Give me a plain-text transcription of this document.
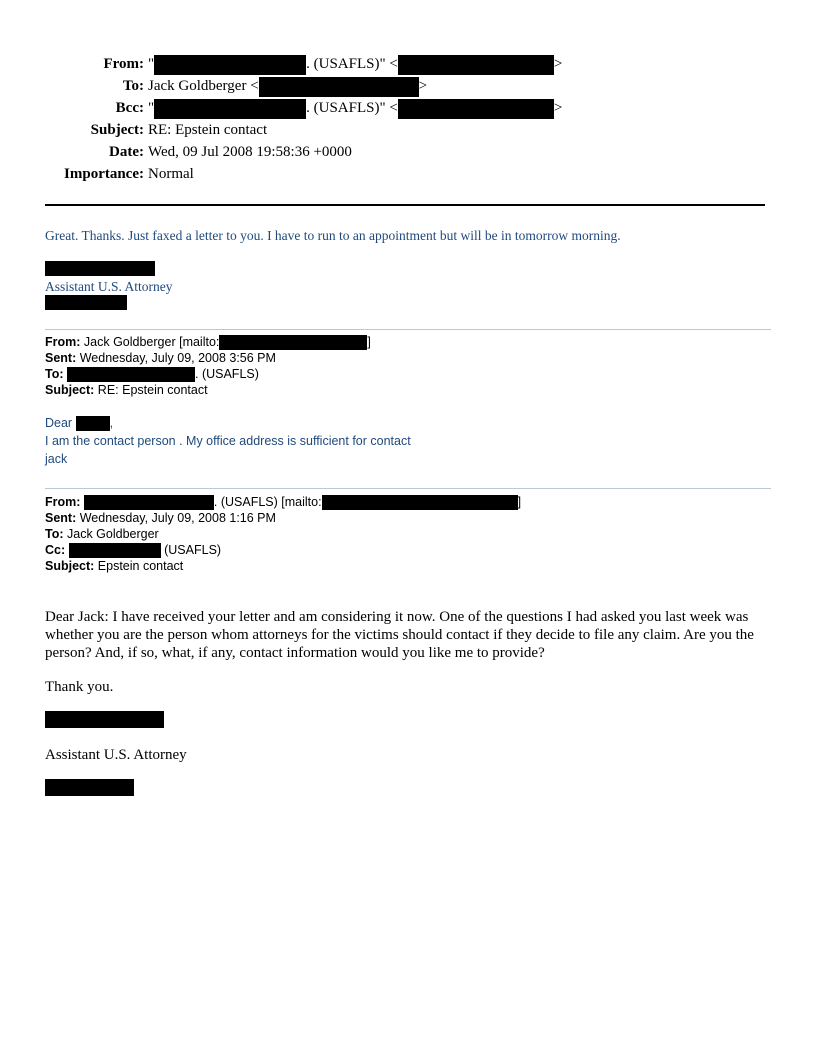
From: "	. (USAFLS)" <	>
To: Jack Goldberger <	>
Bcc: "	. (USAFLS)" <	>
Subject: RE: Epstein contact
Date: Wed, 09 Jul 2008 19:58:36 +0000
Importance: Normal
Great. Thanks. Just faxed a letter to you. I have to run to an appointment but will be in tomorrow morning.
Assistant U.S. Attorney
From: Jack Goldberger [mailto:	]
Sent: Wednesday, July 09, 2008 3:56 PM
To:	. (USAFLS)
Subject: RE: Epstein contact
Dear	,
I am the contact person . My office address is sufficient for contact
jack
From:	. (USAFLS) [mailto:	]
Sent: Wednesday, July 09, 2008 1:16 PM
To: Jack Goldberger
Cc:	(USAFLS)
Subject: Epstein contact
Dear Jack: I have received your letter and am considering it now. One of the questions I had asked you last week was whether you are the person whom attorneys for the victims should contact if they decide to file any claim. Are you the person? And, if so, what, if any, contact information would you like me to provide?
Thank you.
Assistant U.S. Attorney
